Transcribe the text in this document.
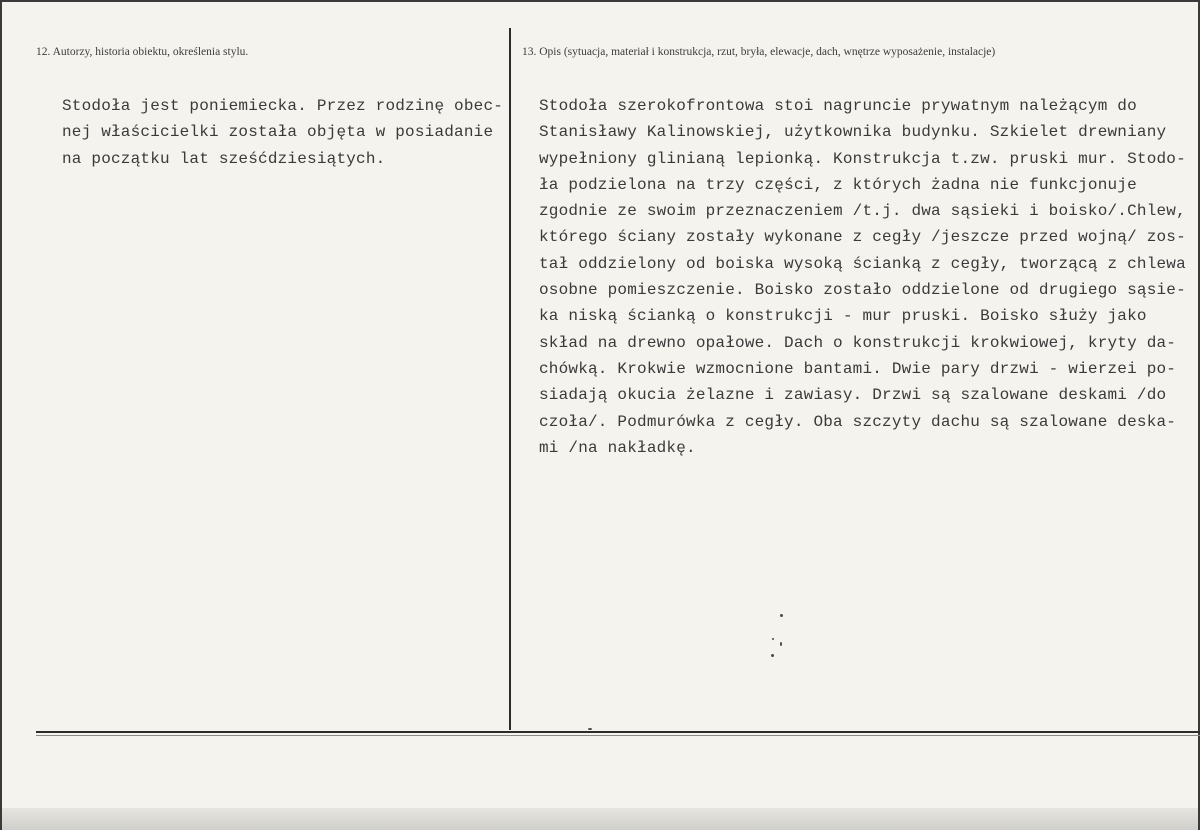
12. Autorzy, historia obiektu, określenia stylu.	13. Opis (sytuacja, materiał i konstrukcja, rzut, bryła, elewacje, dach, wnętrze wyposażenie, instalacje)
Stodoła jest poniemiecka. Przez rodzinę obec-
nej właścicielki została objęta w posiadanie
na początku lat sześćdziesiątych.
Stodoła szerokofrontowa stoi nagruncie prywatnym należącym do
Stanisławy Kalinowskiej, użytkownika budynku. Szkielet drewniany
wypełniony glinianą lepionką. Konstrukcja t.zw. pruski mur. Stodo-
ła podzielona na trzy części, z których żadna nie funkcjonuje
zgodnie ze swoim przeznaczeniem /t.j. dwa sąsieki i boisko/.Chlew,
którego ściany zostały wykonane z cegły /jeszcze przed wojną/ zos-
tał oddzielony od boiska wysoką ścianką z cegły, tworzącą z chlewa
osobne pomieszczenie. Boisko zostało oddzielone od drugiego sąsie-
ka niską ścianką o konstrukcji - mur pruski. Boisko służy jako
skład na drewno opałowe. Dach o konstrukcji krokwiowej, kryty da-
chówką. Krokwie wzmocnione bantami. Dwie pary drzwi - wierzei po-
siadają okucia żelazne i zawiasy. Drzwi są szalowane deskami /do
czoła/. Podmurówka z cegły. Oba szczyty dachu są szalowane deska-
mi /na nakładkę.
